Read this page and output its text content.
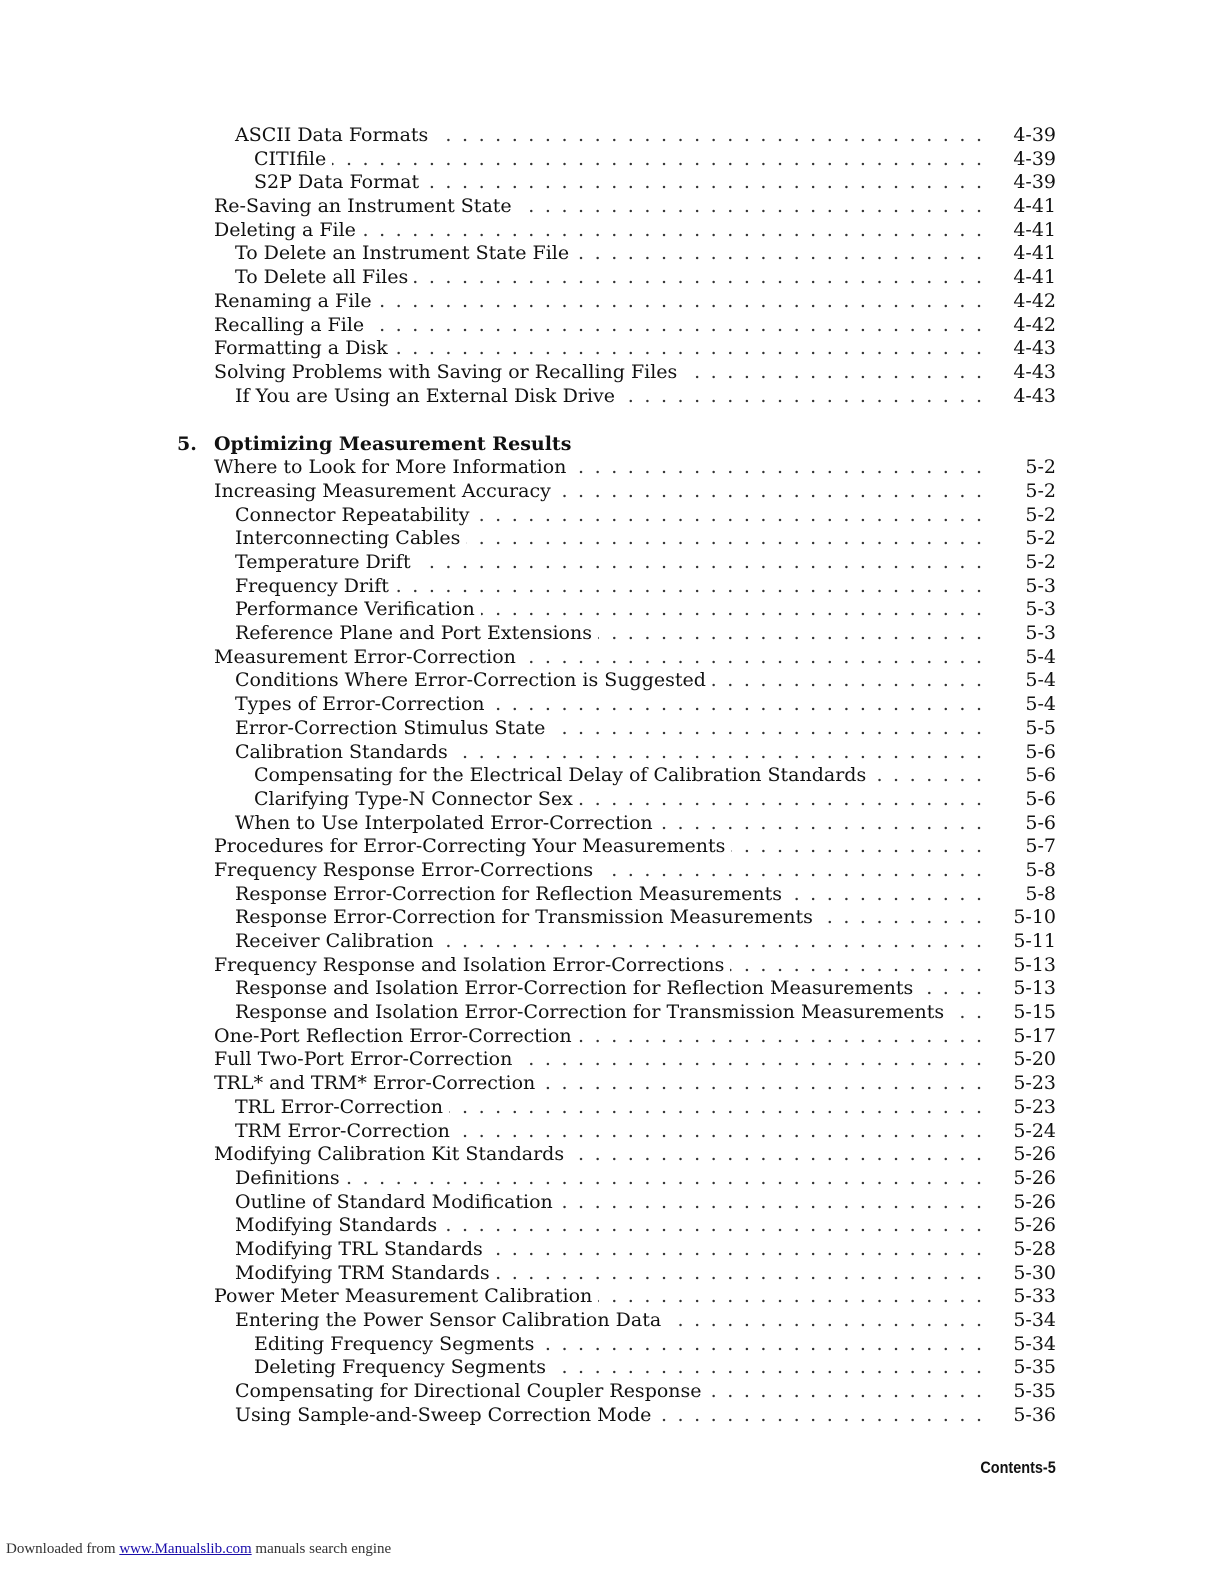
. . .
ASCII Data Formats	4-39
. . .
CITIfile	4-39
. . .
S2P Data Format	4-39
. . .
Re-Saving an Instrument State	4-41
. . .
Deleting a File	4-41
. . .
To Delete an Instrument State File	4-41
. . .
To Delete all Files	4-41
. . .
Renaming a File	4-42
. . .
Recalling a File	4-42
. . .
Formatting a Disk	4-43
. . .
Solving Problems with Saving or Recalling Files	4-43
. . .
If You are Using an External Disk Drive	4-43
5. Optimizing Measurement Results
. . .
Where to Look for More Information	5-2
. . .
Increasing Measurement Accuracy	5-2
. . .
Connector Repeatability	5-2
. . .
Interconnecting Cables	5-2
. . .
Temperature Drift	5-2
. . .
Frequency Drift	5-3
. . .
Performance Verification	5-3
. . .
Reference Plane and Port Extensions	5-3
. . .
Measurement Error-Correction	5-4
. . .
Conditions Where Error-Correction is Suggested	5-4
. . .
Types of Error-Correction	5-4
. . .
Error-Correction Stimulus State	5-5
. . .
Calibration Standards	5-6
. . .
Compensating for the Electrical Delay of Calibration Standards	5-6
. . .
Clarifying Type-N Connector Sex	5-6
. . .
When to Use Interpolated Error-Correction	5-6
. . .
Procedures for Error-Correcting Your Measurements	5-7
. . .
Frequency Response Error-Corrections	5-8
. . .
Response Error-Correction for Reflection Measurements	5-8
. . .
Response Error-Correction for Transmission Measurements	5-10
. . .
Receiver Calibration	5-11
. . .
Frequency Response and Isolation Error-Corrections	5-13
. . .
Response and Isolation Error-Correction for Reflection Measurements	5-13
. . .
Response and Isolation Error-Correction for Transmission Measurements	5-15
. . .
One-Port Reflection Error-Correction	5-17
. . .
Full Two-Port Error-Correction	5-20
. . .
TRL* and TRM* Error-Correction	5-23
. . .
TRL Error-Correction	5-23
. . .
TRM Error-Correction	5-24
. . .
Modifying Calibration Kit Standards	5-26
. . .
Definitions	5-26
. . .
Outline of Standard Modification	5-26
. . .
Modifying Standards	5-26
. . .
Modifying TRL Standards	5-28
. . .
Modifying TRM Standards	5-30
. . .
Power Meter Measurement Calibration	5-33
. . .
Entering the Power Sensor Calibration Data	5-34
. . .
Editing Frequency Segments	5-34
. . .
Deleting Frequency Segments	5-35
. . .
Compensating for Directional Coupler Response	5-35
. . .
Using Sample-and-Sweep Correction Mode	5-36
Contents-5
Downloaded from www.Manualslib.com manuals search engine
